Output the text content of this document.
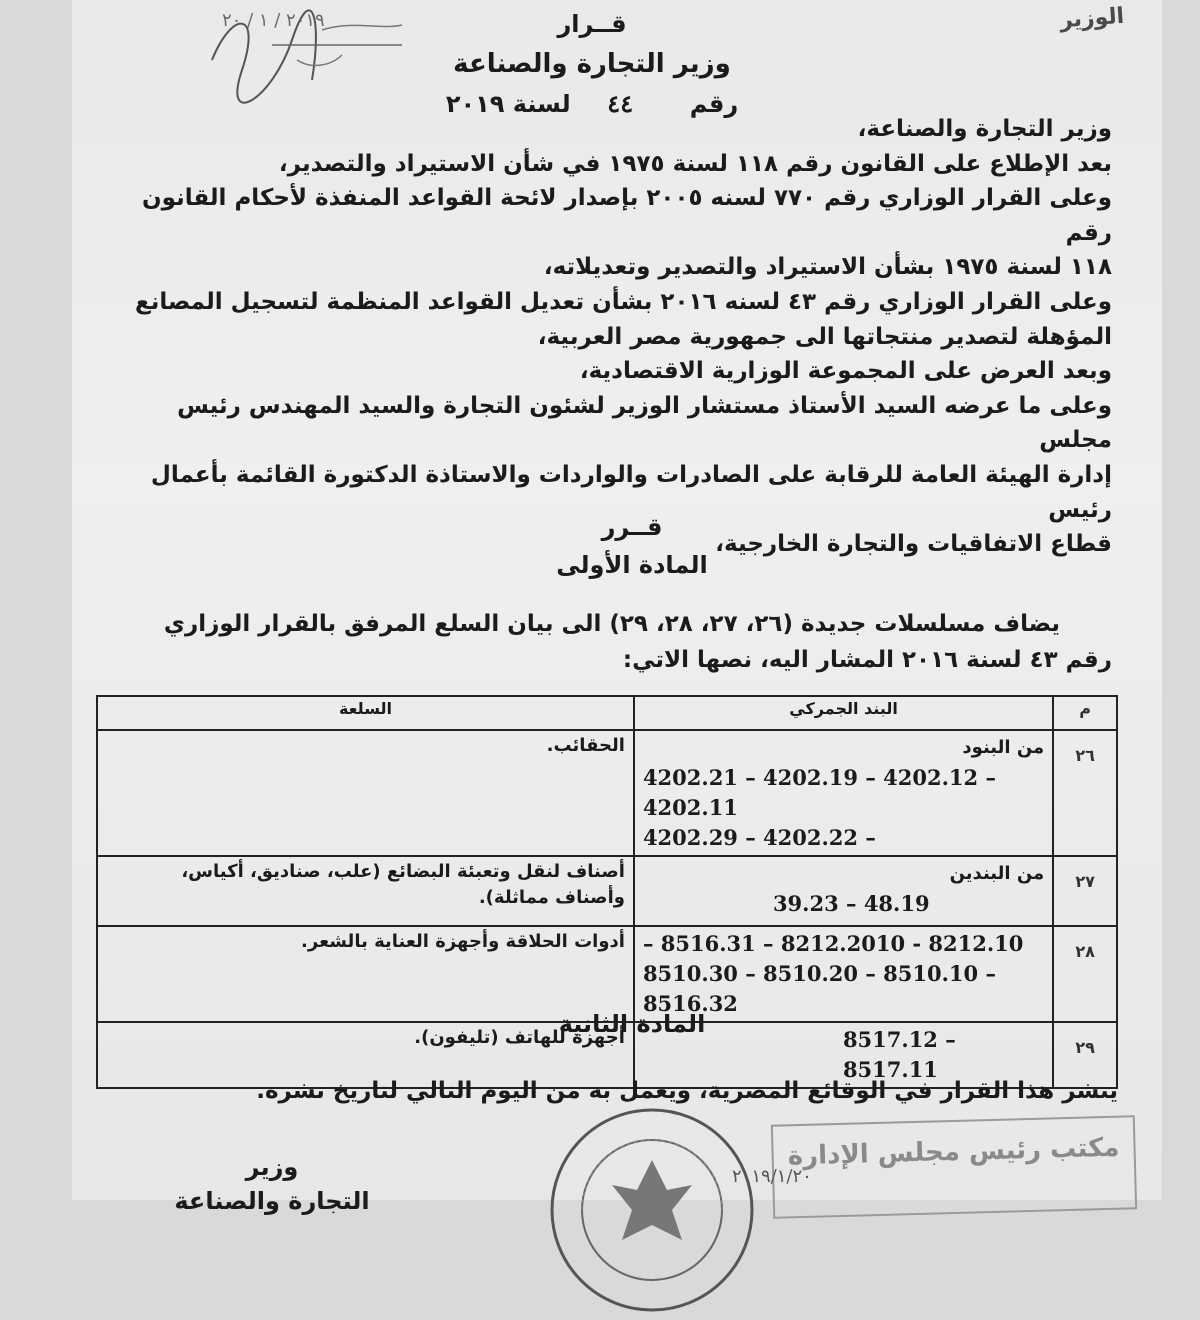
الوزير
٢٠١٩ / ١ / ٢٠	قــرار
وزير التجارة والصناعة
رقم  ٤٤  لسنة ٢٠١٩

وزير التجارة والصناعة،

بعد الإطلاع على القانون رقم ١١٨ لسنة ١٩٧٥ في شأن الاستيراد والتصدير،

وعلى القرار الوزاري رقم ٧٧٠ لسنه ٢٠٠٥ بإصدار لائحة القواعد المنفذة لأحكام القانون رقم

١١٨ لسنة ١٩٧٥ بشأن الاستيراد والتصدير وتعديلاته،

وعلى القرار الوزاري رقم ٤٣ لسنه ٢٠١٦ بشأن تعديل القواعد المنظمة لتسجيل المصانع

المؤهلة لتصدير منتجاتها الى جمهورية مصر العربية،

وبعد العرض على المجموعة الوزارية الاقتصادية،

وعلى ما عرضه السيد الأستاذ مستشار الوزير لشئون التجارة والسيد المهندس رئيس مجلس

إدارة الهيئة العامة للرقابة على الصادرات والواردات والاستاذة الدكتورة القائمة بأعمال رئيس

قطاع الاتفاقيات والتجارة الخارجية،

قــرر
المادة الأولى

يضاف مسلسلات جديدة (٢٦، ٢٧، ٢٨، ٢٩) الى بيان السلع المرفق بالقرار الوزاري

رقم ٤٣ لسنة ٢٠١٦ المشار اليه، نصها الاتي:

م	البند الجمركي	السلعة
٢٦	من البنود
4202.21 – 4202.19 – 4202.12 – 4202.11
4202.29 – 4202.22 –	الحقائب.

٢٧	من البندين
39.23 – 48.19	أصناف لنقل وتعبئة البضائع (علب، صناديق، أكياس، وأصناف مماثلة).

٢٨	– 8516.31 – 8212.2010 - 8212.10
8510.30 – 8510.20 – 8510.10 – 8516.32	أدوات الحلاقة وأجهزة العناية بالشعر.

٢٩	8517.12 – 8517.11	أجهزة للهاتف (تليفون).
المادة الثانية
ينشر هذا القرار في الوقائع المصرية، ويعمل به من اليوم التالي لتاريخ نشره.
مكتب رئيس مجلس الإدارة
٢٠١٩/١/٢٠
وزير
التجارة والصناعة
